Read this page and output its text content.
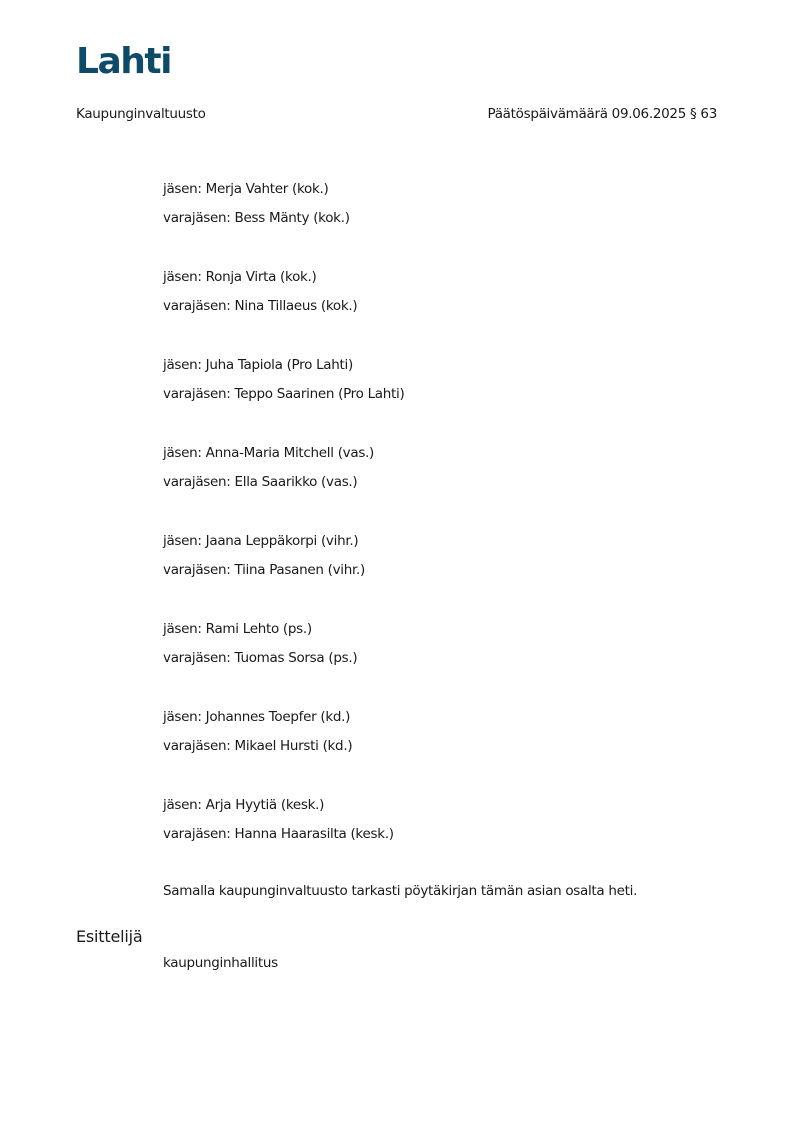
Lahti
Kaupunginvaltuusto	Päätöspäivämäärä 09.06.2025 § 63
jäsen: Merja Vahter (kok.)
varajäsen: Bess Mänty (kok.)
jäsen: Ronja Virta (kok.)
varajäsen: Nina Tillaeus (kok.)
jäsen: Juha Tapiola (Pro Lahti)
varajäsen: Teppo Saarinen (Pro Lahti)
jäsen: Anna-Maria Mitchell (vas.)
varajäsen: Ella Saarikko (vas.)
jäsen: Jaana Leppäkorpi (vihr.)
varajäsen: Tiina Pasanen (vihr.)
jäsen: Rami Lehto (ps.)
varajäsen: Tuomas Sorsa (ps.)
jäsen: Johannes Toepfer (kd.)
varajäsen: Mikael Hursti (kd.)
jäsen: Arja Hyytiä (kesk.)
varajäsen: Hanna Haarasilta (kesk.)
Samalla kaupunginvaltuusto tarkasti pöytäkirjan tämän asian osalta heti.
Esittelijä
kaupunginhallitus
